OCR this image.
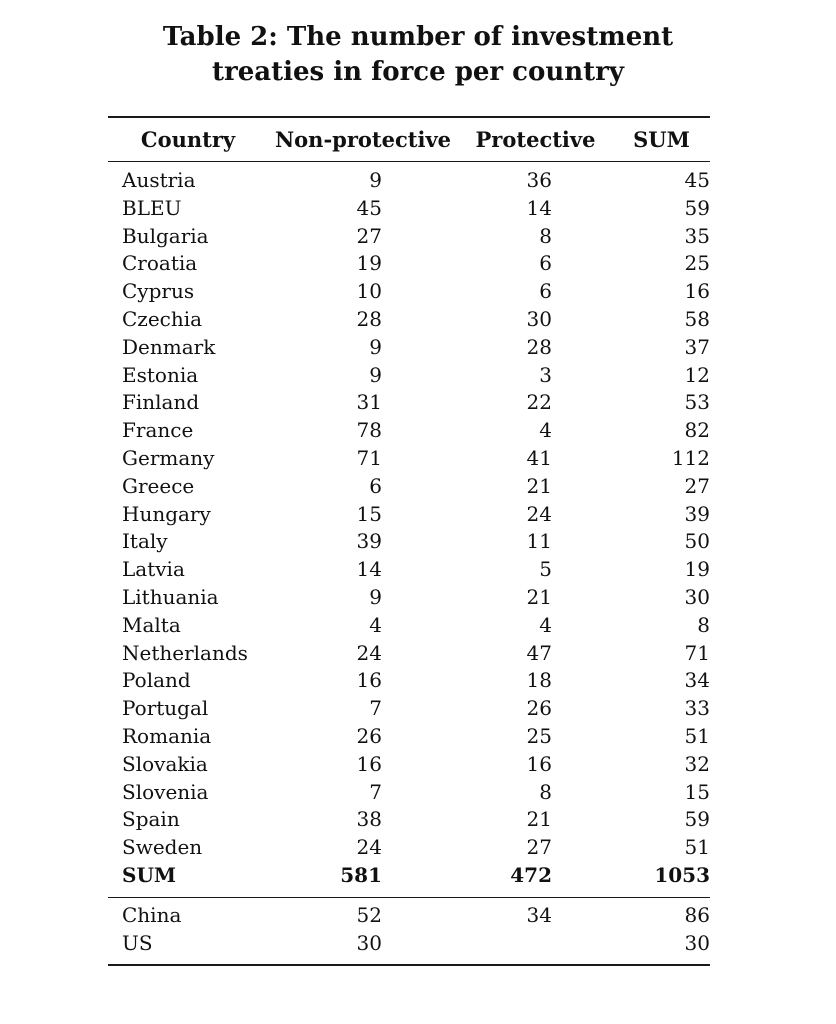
Table 2: The number of investment
treaties in force per country
Country	Non-protective	Protective	SUM
Austria	9	36	45
BLEU	45	14	59
Bulgaria	27	8	35
Croatia	19	6	25
Cyprus	10	6	16
Czechia	28	30	58
Denmark	9	28	37
Estonia	9	3	12
Finland	31	22	53
France	78	4	82
Germany	71	41	112
Greece	6	21	27
Hungary	15	24	39
Italy	39	11	50
Latvia	14	5	19
Lithuania	9	21	30
Malta	4	4	8
Netherlands	24	47	71
Poland	16	18	34
Portugal	7	26	33
Romania	26	25	51
Slovakia	16	16	32
Slovenia	7	8	15
Spain	38	21	59
Sweden	24	27	51
SUM	581	472	1053
China	52	34	86
US	30		30
